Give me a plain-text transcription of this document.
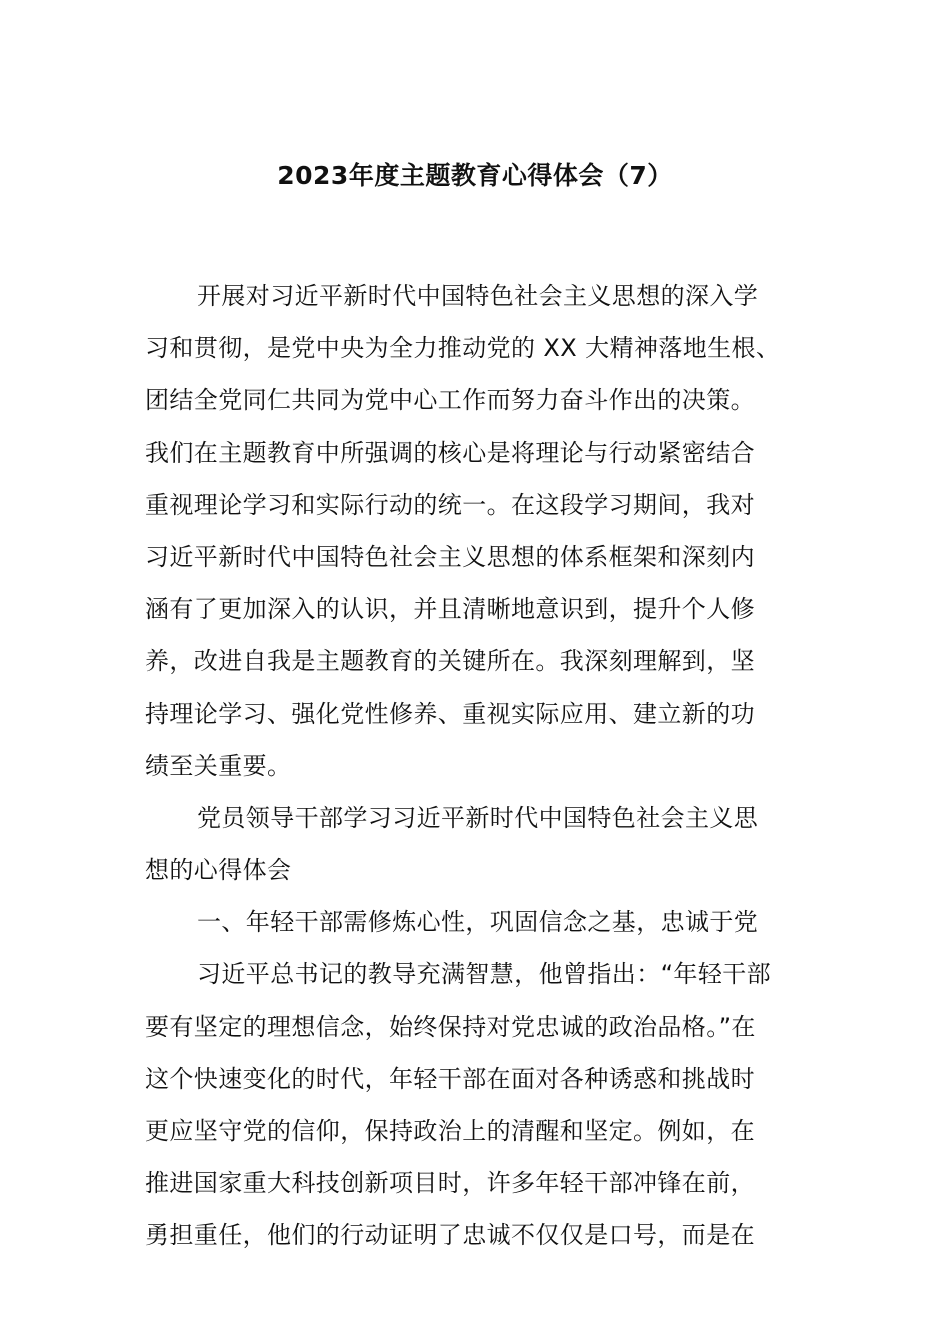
2023年度主题教育心得体会（7）
开展对习近平新时代中国特色社会主义思想的深入学
习和贯彻，是党中央为全力推动党的 XX 大精神落地生根、
团结全党同仁共同为党中心工作而努力奋斗作出的决策。
我们在主题教育中所强调的核心是将理论与行动紧密结合
重视理论学习和实际行动的统一。在这段学习期间，我对
习近平新时代中国特色社会主义思想的体系框架和深刻内
涵有了更加深入的认识，并且清晰地意识到，提升个人修
养，改进自我是主题教育的关键所在。我深刻理解到，坚
持理论学习、强化党性修养、重视实际应用、建立新的功
绩至关重要。
党员领导干部学习习近平新时代中国特色社会主义思
想的心得体会
一、年轻干部需修炼心性，巩固信念之基，忠诚于党
习近平总书记的教导充满智慧，他曾指出：“年轻干部
要有坚定的理想信念，始终保持对党忠诚的政治品格。”在
这个快速变化的时代，年轻干部在面对各种诱惑和挑战时
更应坚守党的信仰，保持政治上的清醒和坚定。例如，在
推进国家重大科技创新项目时，许多年轻干部冲锋在前，
勇担重任，他们的行动证明了忠诚不仅仅是口号，而是在
